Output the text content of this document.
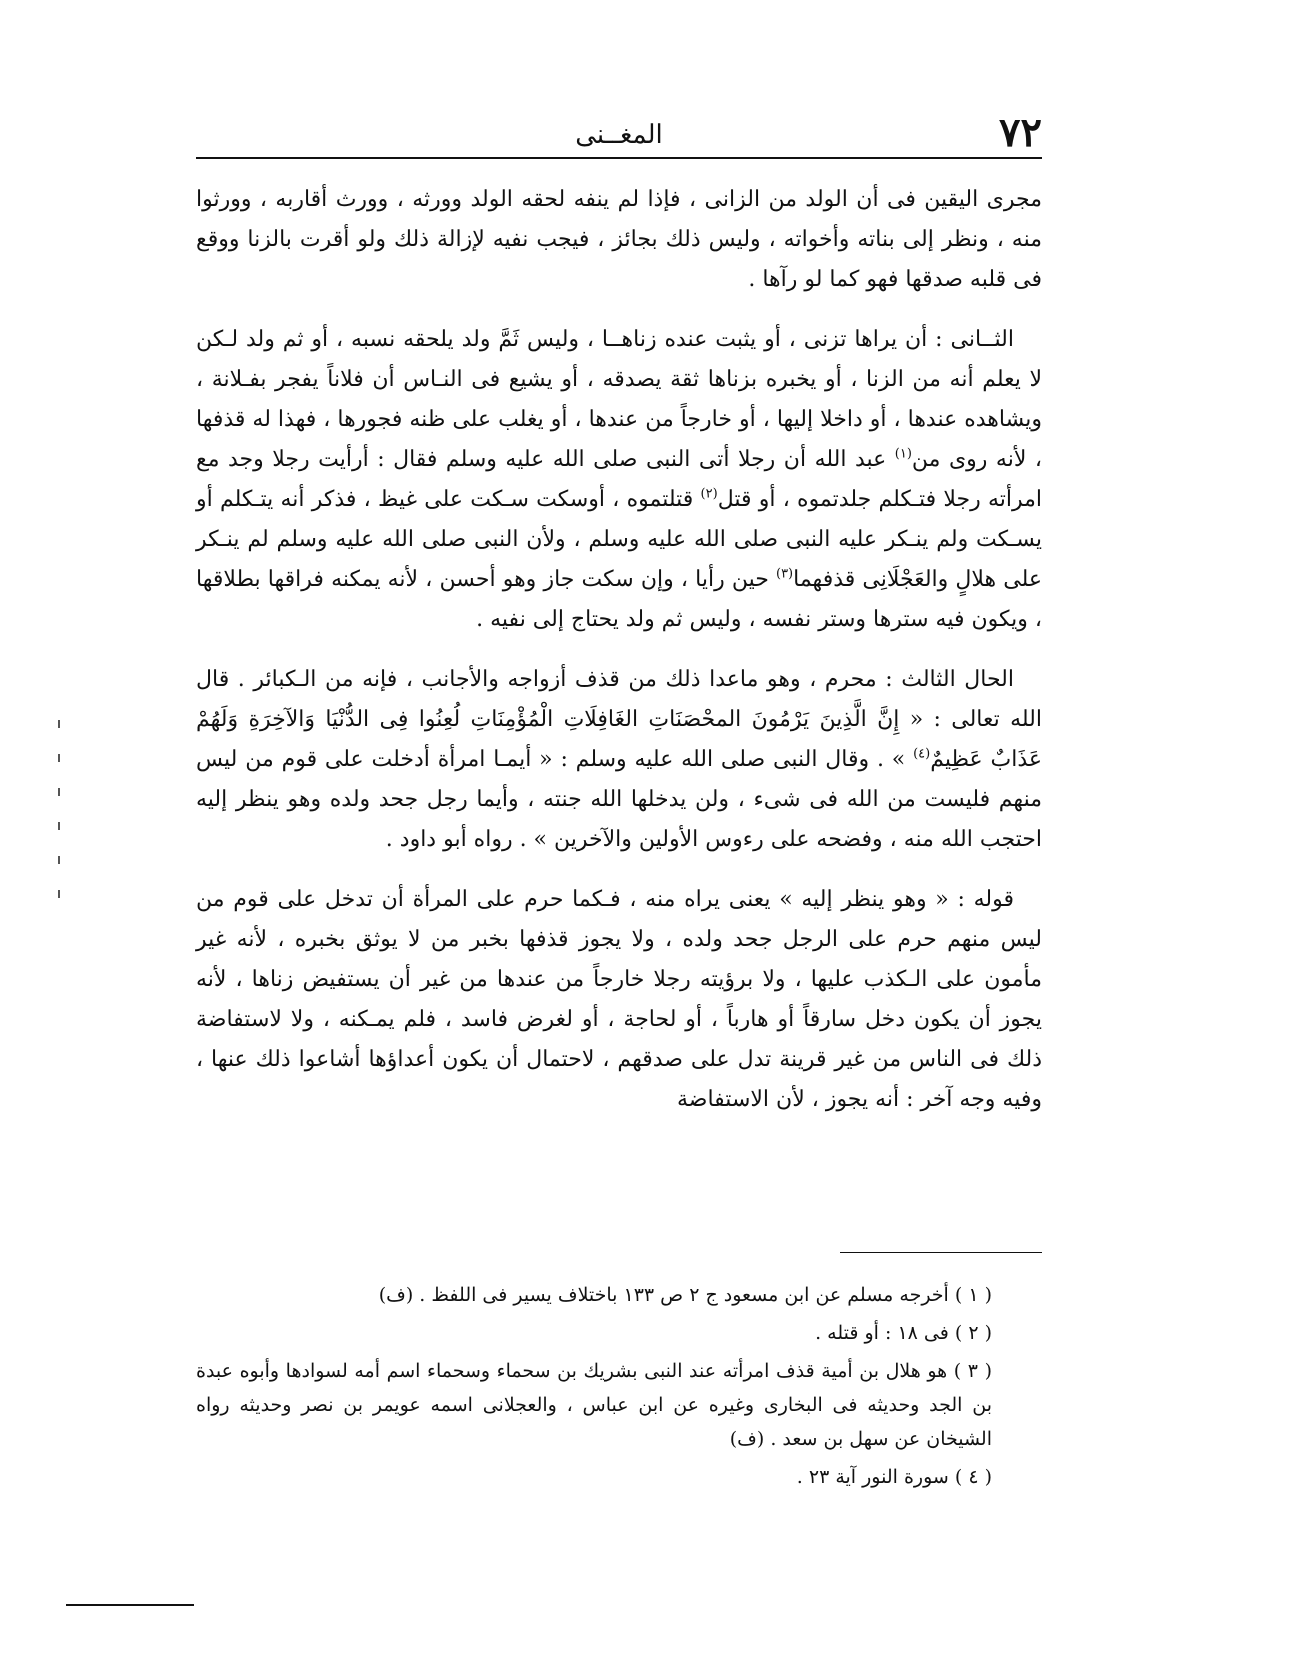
٧٢
المغــنى

مجرى اليقين فى أن الولد من الزانى ، فإذا لم ينفه لحقه الولد وورثه ، وورث أقاربه ، وورثوا منه ، ونظر إلى بناته وأخواته ، وليس ذلك بجائز ، فيجب نفيه لإزالة ذلك ولو أقرت بالزنا ووقع فى قلبه صدقها فهو كما لو رآها .

الثــانى : أن يراها تزنى ، أو يثبت عنده زناهــا ، وليس ثَمَّ ولد يلحقه نسبه ، أو ثم ولد لـكن لا يعلم أنه من الزنا ، أو يخبره بزناها ثقة يصدقه ، أو يشيع فى النـاس أن فلاناً يفجر بفـلانة ، ويشاهده عندها ، أو داخلا إليها ، أو خارجاً من عندها ، أو يغلب على ظنه فجورها ، فهذا له قذفها ، لأنه روى من$^{(١)}$ عبد الله أن رجلا أتى النبى صلى الله عليه وسلم فقال : أرأيت رجلا وجد مع امرأته رجلا فتـكلم جلدتموه ، أو قتل$^{(٢)}$ قتلتموه ، أوسكت سـكت على غيظ ، فذكر أنه يتـكلم أو يسـكت ولم ينـكر عليه النبى صلى الله عليه وسلم ، ولأن النبى صلى الله عليه وسلم لم ينـكر على هلالٍ والعَجْلَانِى قذفهما$^{(٣)}$ حين رأيا ، وإن سكت جاز وهو أحسن ، لأنه يمكنه فراقها بطلاقها ، ويكون فيه سترها وستر نفسه ، وليس ثم ولد يحتاج إلى نفيه .

الحال الثالث : محرم ، وهو ماعدا ذلك من قذف أزواجه والأجانب ، فإنه من الـكبائر . قال الله تعالى : « إِنَّ الَّذِينَ يَرْمُونَ المحْصَنَاتِ الغَافِلَاتِ الْمُؤْمِنَاتِ لُعِنُوا فِى الدُّنْيَا وَالآخِرَةِ وَلَهُمْ عَذَابٌ عَظِيمٌ$^{(٤)}$ » . وقال النبى صلى الله عليه وسلم : « أيمـا امرأة أدخلت على قوم من ليس منهم فليست من الله فى شىء ، ولن يدخلها الله جنته ، وأيما رجل جحد ولده وهو ينظر إليه احتجب الله منه ، وفضحه على رءوس الأولين والآخرين » . رواه أبو داود .

قوله : « وهو ينظر إليه » يعنى يراه منه ، فـكما حرم على المرأة أن تدخل على قوم من ليس منهم حرم على الرجل جحد ولده ، ولا يجوز قذفها بخبر من لا يوثق بخبره ، لأنه غير مأمون على الـكذب عليها ، ولا برؤيته رجلا خارجاً من عندها من غير أن يستفيض زناها ، لأنه يجوز أن يكون دخل سارقاً أو هارباً ، أو لحاجة ، أو لغرض فاسد ، فلم يمـكنه ، ولا لاستفاضة ذلك فى الناس من غير قرينة تدل على صدقهم ، لاحتمال أن يكون أعداؤها أشاعوا ذلك عنها ، وفيه وجه آخر : أنه يجوز ، لأن الاستفاضة

( ١ ) أخرجه مسلم عن ابن مسعود ج ٢ ص ١٣٣ باختلاف يسير فى اللفظ . (ف)

( ٢ ) فى ١٨ : أو قتله .

( ٣ ) هو هلال بن أمية قذف امرأته عند النبى بشريك بن سحماء وسحماء اسم أمه لسوادها وأبوه عبدة بن الجد وحديثه فى البخارى وغيره عن ابن عباس ، والعجلانى اسمه عويمر بن نصر وحديثه رواه الشيخان عن سهل بن سعد . (ف)

( ٤ ) سورة النور آية ٢٣ .
